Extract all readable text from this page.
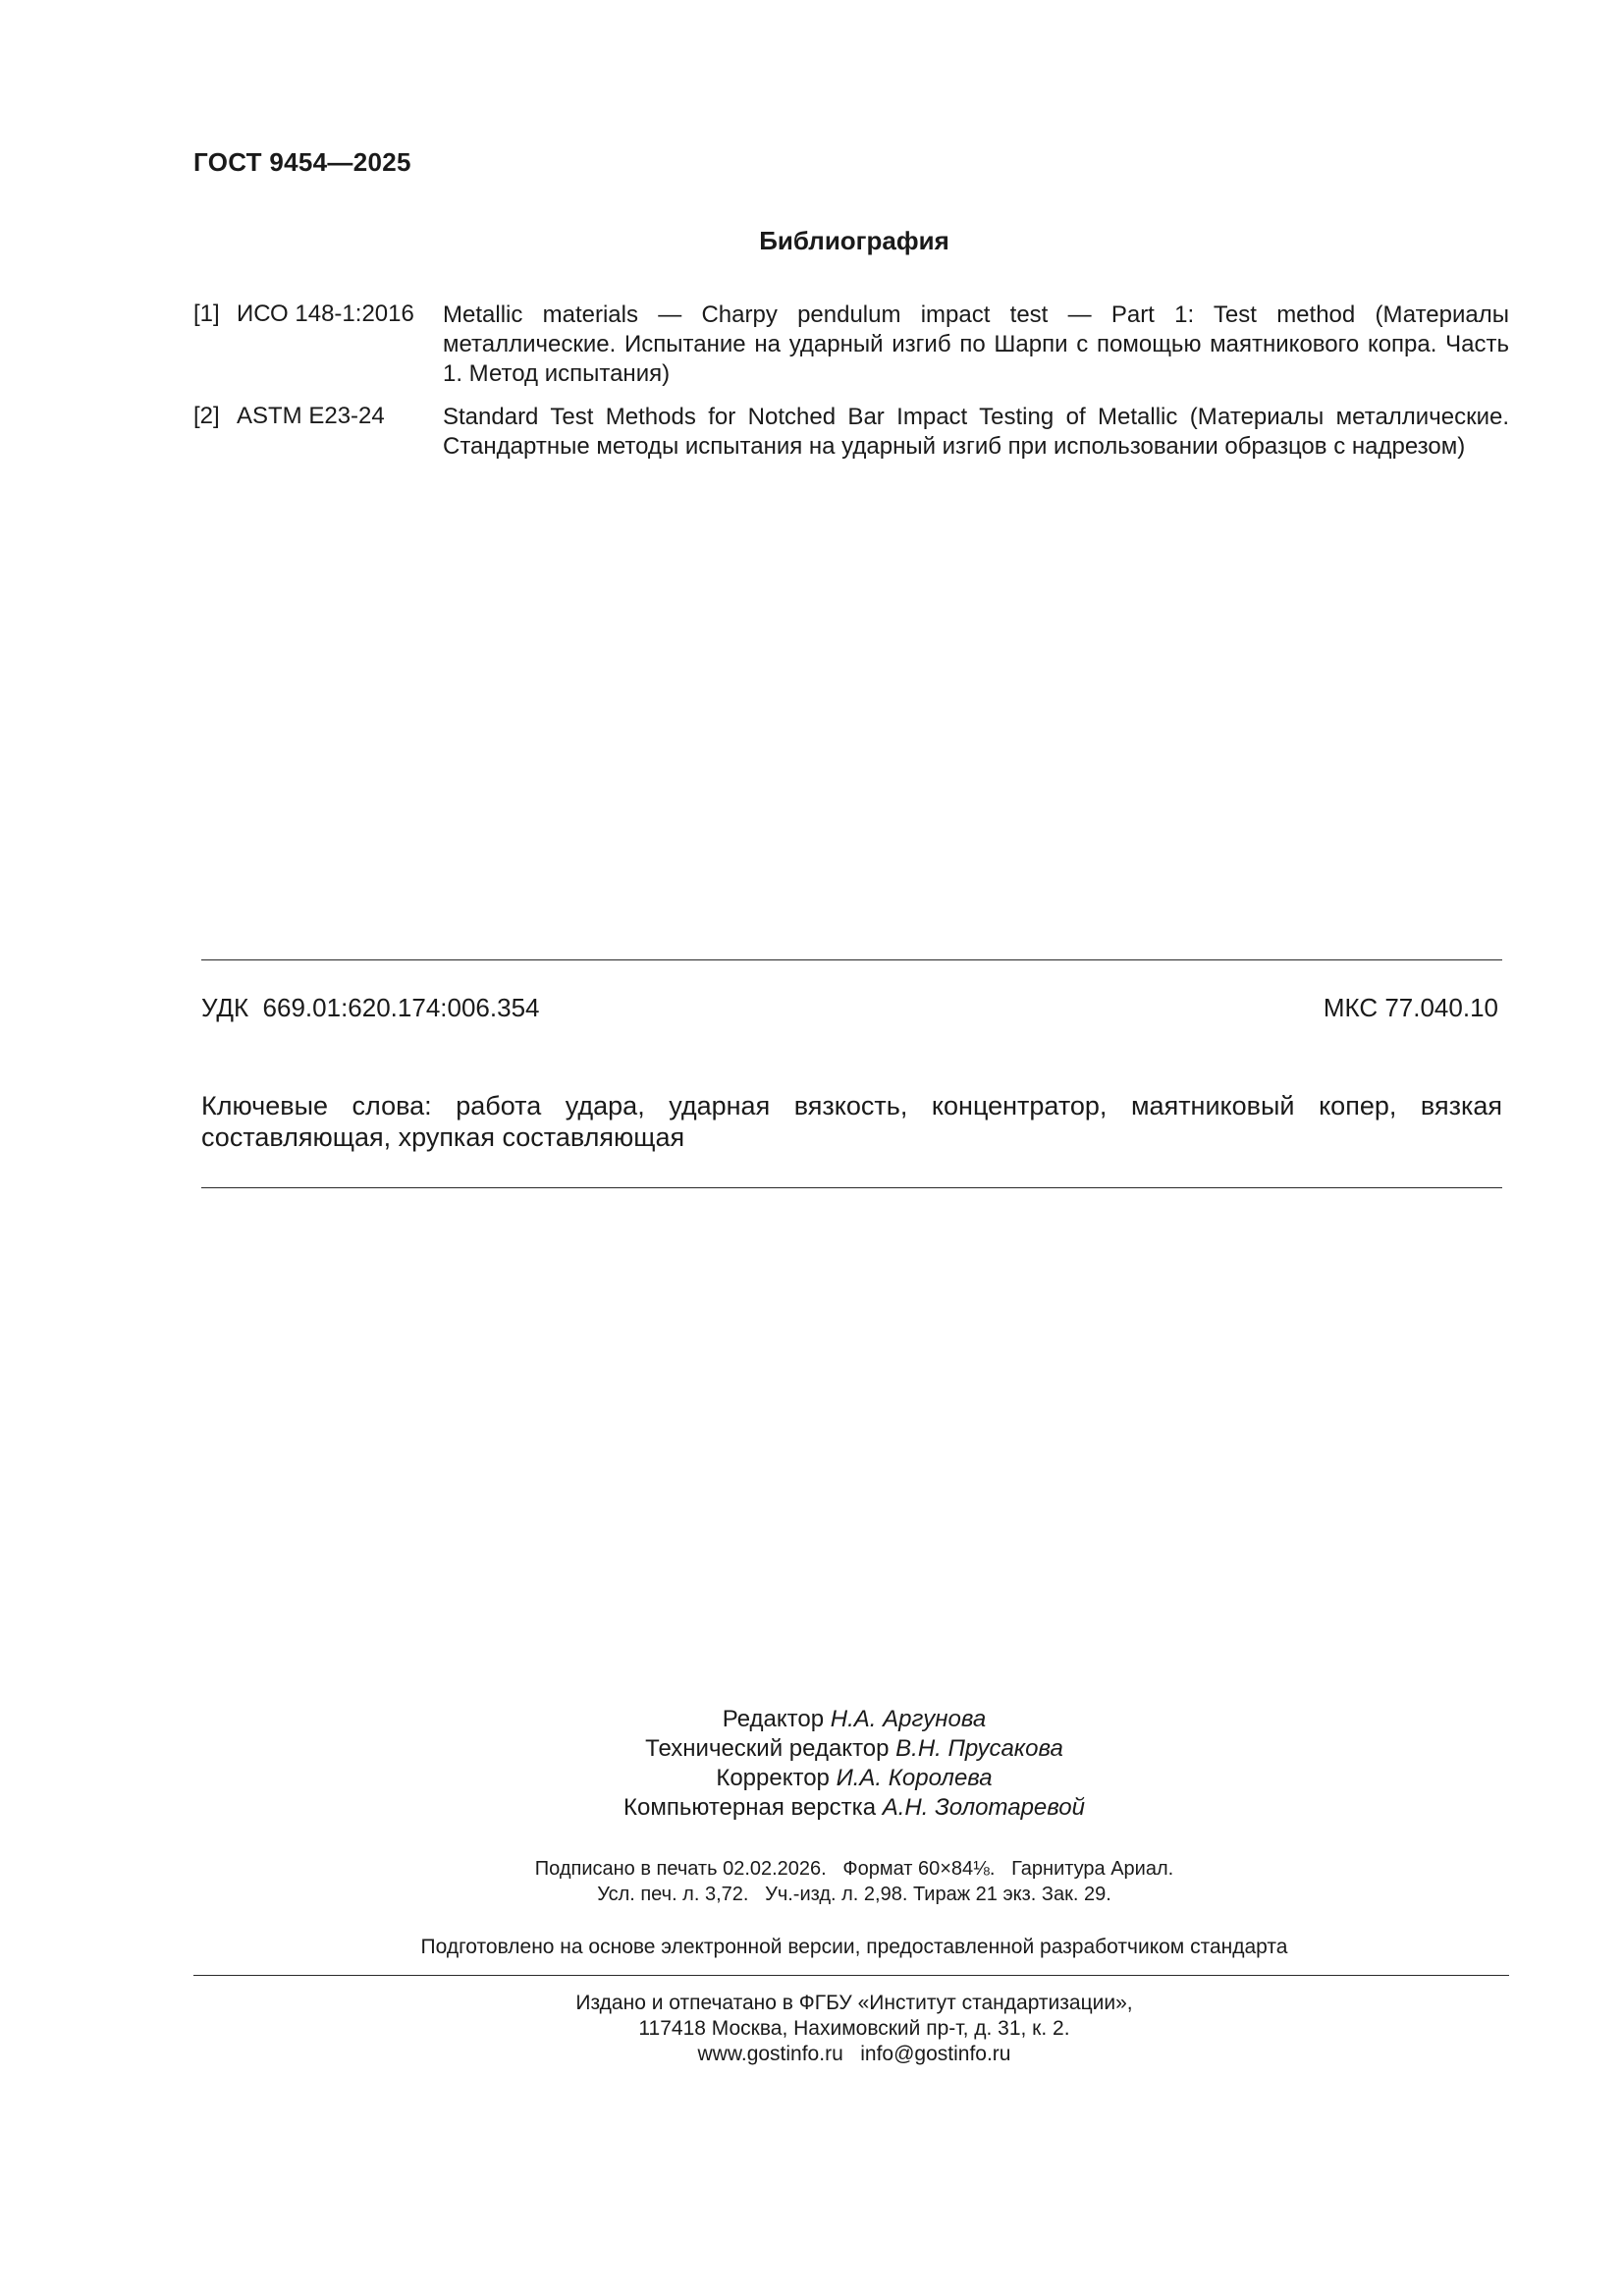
ГОСТ 9454—2025
Библиография
[1] ИСО 148-1:2016 Metallic materials — Charpy pendulum impact test — Part 1: Test method (Материалы металлические. Испытание на ударный изгиб по Шарпи с помощью маятникового копра. Часть 1. Метод испытания)
[2] ASTM E23-24 Standard Test Methods for Notched Bar Impact Testing of Metallic (Материалы металлические. Стандартные методы испытания на ударный изгиб при использовании образцов с надрезом)
УДК  669.01:620.174:006.354	МКС 77.040.10
Ключевые слова: работа удара, ударная вязкость, концентратор, маятниковый копер, вязкая составляющая, хрупкая составляющая
Редактор Н.А. Аргунова
Технический редактор В.Н. Прусакова
Корректор И.А. Королева
Компьютерная верстка А.Н. Золотаревой
Подписано в печать 02.02.2026.   Формат 60×84⅛.   Гарнитура Ариал.
Усл. печ. л. 3,72.   Уч.-изд. л. 2,98. Тираж 21 экз. Зак. 29.
Подготовлено на основе электронной версии, предоставленной разработчиком стандарта
Издано и отпечатано в ФГБУ «Институт стандартизации»,
117418 Москва, Нахимовский пр-т, д. 31, к. 2.
www.gostinfo.ru   info@gostinfo.ru
